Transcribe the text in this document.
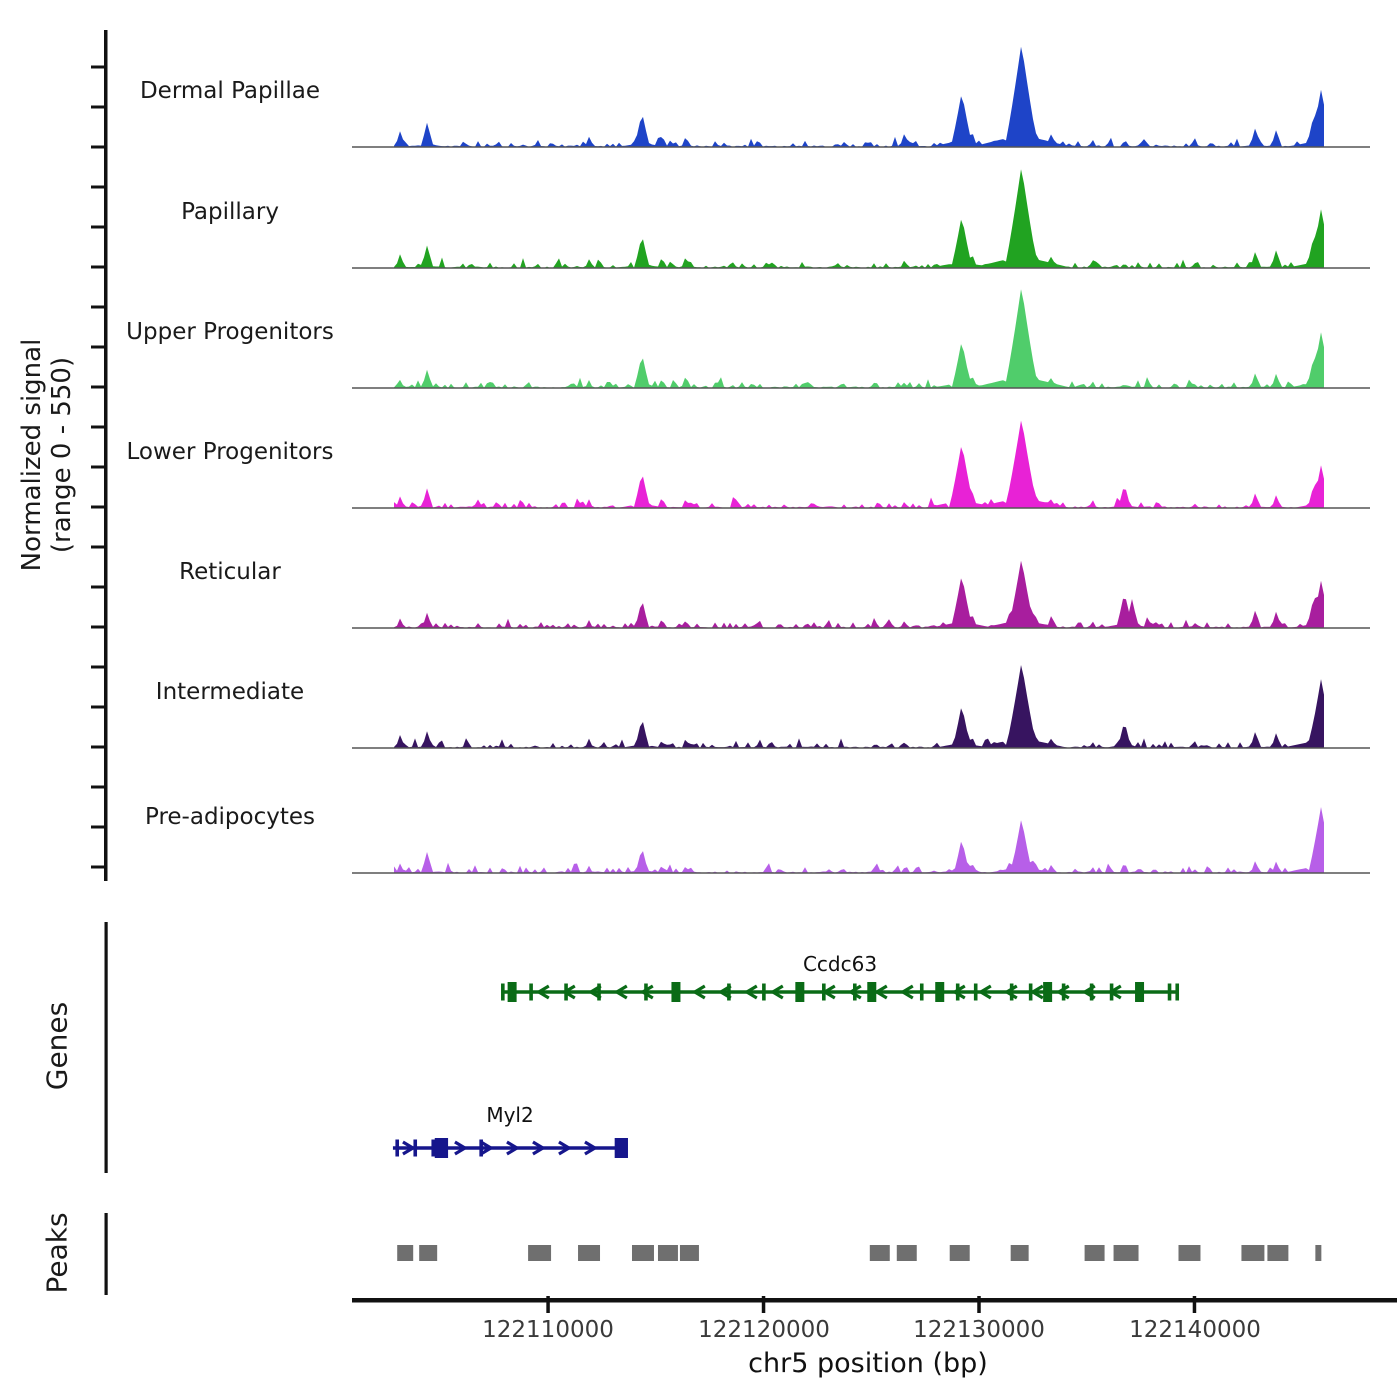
Normalized signal (range 0 - 550)
Dermal Papillae
Papillary
Upper Progenitors
Lower Progenitors
Reticular
Intermediate
Pre-adipocytes
Genes
Peaks
Ccdc63
Myl2
122110000	122120000	122130000	122140000
chr5 position (bp)
